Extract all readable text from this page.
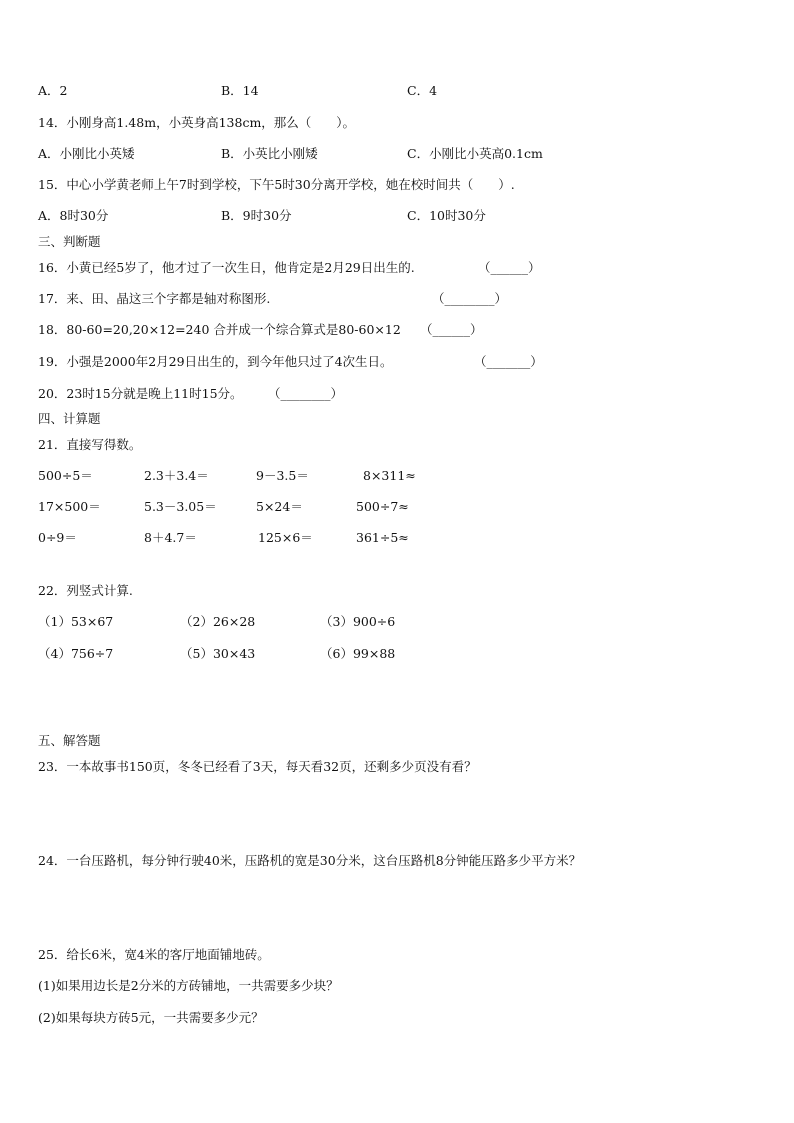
A．2	B．14	C．4
14．小刚身高1.48m，小英身高138cm，那么（　　）。
A．小刚比小英矮	B．小英比小刚矮	C．小刚比小英高0.1cm
15．中心小学黄老师上午7时到学校，下午5时30分离开学校，她在校时间共（　　）.
A．8时30分	B．9时30分	C．10时30分
三、判断题
16．小黄已经5岁了，他才过了一次生日，他肯定是2月29日出生的.	（______）
17．来、田、晶这三个字都是轴对称图形.	（________）
18．80-60=20,20×12=240 合并成一个综合算式是80-60×12 （______）
19．小强是2000年2月29日出生的，到今年他只过了4次生日。	（_______）
20．23时15分就是晚上11时15分。 （________）
四、计算题
21．直接写得数。
500÷5＝	2.3＋3.4＝	9－3.5＝	8×311≈
17×500＝	5.3－3.05＝	5×24＝	500÷7≈
0÷9＝	8＋4.7＝	125×6＝	361÷5≈
22．列竖式计算.
（1）53×67	（2）26×28	（3）900÷6
（4）756÷7	（5）30×43	（6）99×88
五、解答题
23．一本故事书150页，冬冬已经看了3天，每天看32页，还剩多少页没有看？
24．一台压路机，每分钟行驶40米，压路机的宽是30分米，这台压路机8分钟能压路多少平方米？
25．给长6米，宽4米的客厅地面铺地砖。
(1)如果用边长是2分米的方砖铺地，一共需要多少块？
(2)如果每块方砖5元，一共需要多少元？
